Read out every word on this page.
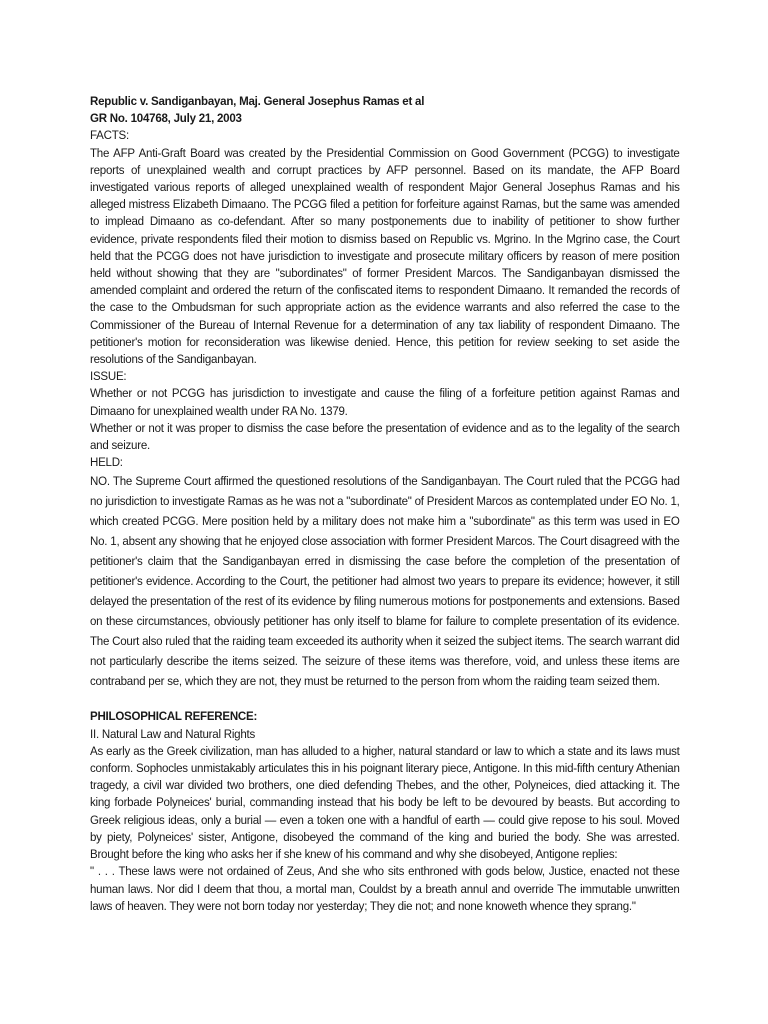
Republic v. Sandiganbayan, Maj. General Josephus Ramas et al

GR No. 104768, July 21, 2003

FACTS:

The AFP Anti-Graft Board was created by the Presidential Commission on Good Government (PCGG) to investigate reports of unexplained wealth and corrupt practices by AFP personnel. Based on its mandate, the AFP Board investigated various reports of alleged unexplained wealth of respondent Major General Josephus Ramas and his alleged mistress Elizabeth Dimaano. The PCGG filed a petition for forfeiture against Ramas, but the same was amended to implead Dimaano as co-defendant. After so many postponements due to inability of petitioner to show further evidence, private respondents filed their motion to dismiss based on Republic vs. Mgrino. In the Mgrino case, the Court held that the PCGG does not have jurisdiction to investigate and prosecute military officers by reason of mere position held without showing that they are "subordinates" of former President Marcos. The Sandiganbayan dismissed the amended complaint and ordered the return of the confiscated items to respondent Dimaano. It remanded the records of the case to the Ombudsman for such appropriate action as the evidence warrants and also referred the case to the Commissioner of the Bureau of Internal Revenue for a determination of any tax liability of respondent Dimaano. The petitioner's motion for reconsideration was likewise denied. Hence, this petition for review seeking to set aside the resolutions of the Sandiganbayan.

ISSUE:

Whether or not PCGG has jurisdiction to investigate and cause the filing of a forfeiture petition against Ramas and Dimaano for unexplained wealth under RA No. 1379.

Whether or not it was proper to dismiss the case before the presentation of evidence and as to the legality of the search and seizure.

HELD:

NO. The Supreme Court affirmed the questioned resolutions of the Sandiganbayan. The Court ruled that the PCGG had no jurisdiction to investigate Ramas as he was not a "subordinate" of President Marcos as contemplated under EO No. 1, which created PCGG. Mere position held by a military does not make him a "subordinate" as this term was used in EO No. 1, absent any showing that he enjoyed close association with former President Marcos. The Court disagreed with the petitioner's claim that the Sandiganbayan erred in dismissing the case before the completion of the presentation of petitioner's evidence. According to the Court, the petitioner had almost two years to prepare its evidence; however, it still delayed the presentation of the rest of its evidence by filing numerous motions for postponements and extensions. Based on these circumstances, obviously petitioner has only itself to blame for failure to complete presentation of its evidence. The Court also ruled that the raiding team exceeded its authority when it seized the subject items. The search warrant did not particularly describe the items seized. The seizure of these items was therefore, void, and unless these items are contraband per se, which they are not, they must be returned to the person from whom the raiding team seized them.

PHILOSOPHICAL REFERENCE:

II. Natural Law and Natural Rights

As early as the Greek civilization, man has alluded to a higher, natural standard or law to which a state and its laws must conform. Sophocles unmistakably articulates this in his poignant literary piece, Antigone. In this mid-fifth century Athenian tragedy, a civil war divided two brothers, one died defending Thebes, and the other, Polyneices, died attacking it. The king forbade Polyneices' burial, commanding instead that his body be left to be devoured by beasts. But according to Greek religious ideas, only a burial — even a token one with a handful of earth — could give repose to his soul. Moved by piety, Polyneices' sister, Antigone, disobeyed the command of the king and buried the body. She was arrested. Brought before the king who asks her if she knew of his command and why she disobeyed, Antigone replies:

" . . . These laws were not ordained of Zeus, And she who sits enthroned with gods below, Justice, enacted not these human laws. Nor did I deem that thou, a mortal man, Couldst by a breath annul and override The immutable unwritten laws of heaven. They were not born today nor yesterday; They die not; and none knoweth whence they sprang."
